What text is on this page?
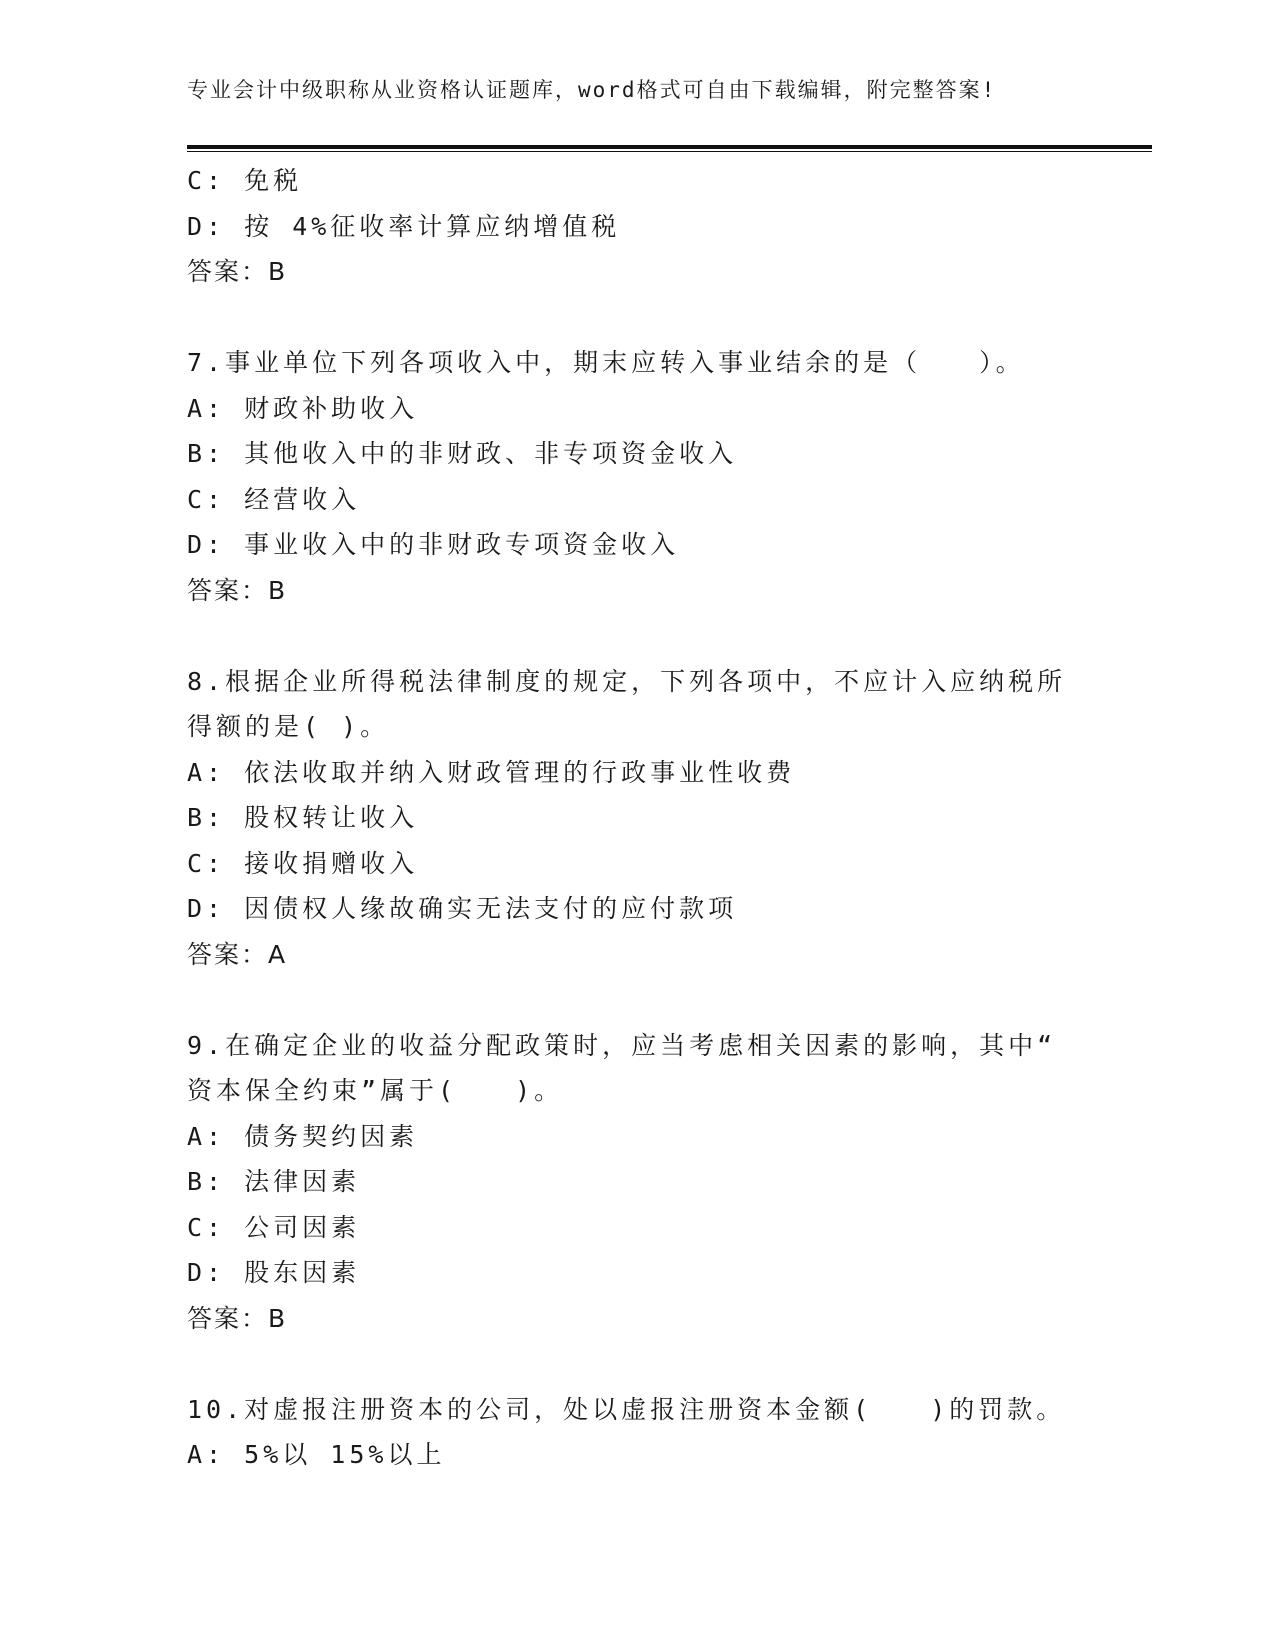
专业会计中级职称从业资格认证题库，word格式可自由下载编辑，附完整答案!
C: 免税
D: 按 4%征收率计算应纳增值税
答案：B
7.事业单位下列各项收入中，期末应转入事业结余的是（　　）。
A: 财政补助收入
B: 其他收入中的非财政、非专项资金收入
C: 经营收入
D: 事业收入中的非财政专项资金收入
答案：B
8.根据企业所得税法律制度的规定，下列各项中，不应计入应纳税所
得额的是( )。
A: 依法收取并纳入财政管理的行政事业性收费
B: 股权转让收入
C: 接收捐赠收入
D: 因债权人缘故确实无法支付的应付款项
答案：A
9.在确定企业的收益分配政策时，应当考虑相关因素的影响，其中“
资本保全约束”属于(　　)。
A: 债务契约因素
B: 法律因素
C: 公司因素
D: 股东因素
答案：B
10.对虚报注册资本的公司，处以虚报注册资本金额(　　)的罚款。
A: 5%以 15%以上
